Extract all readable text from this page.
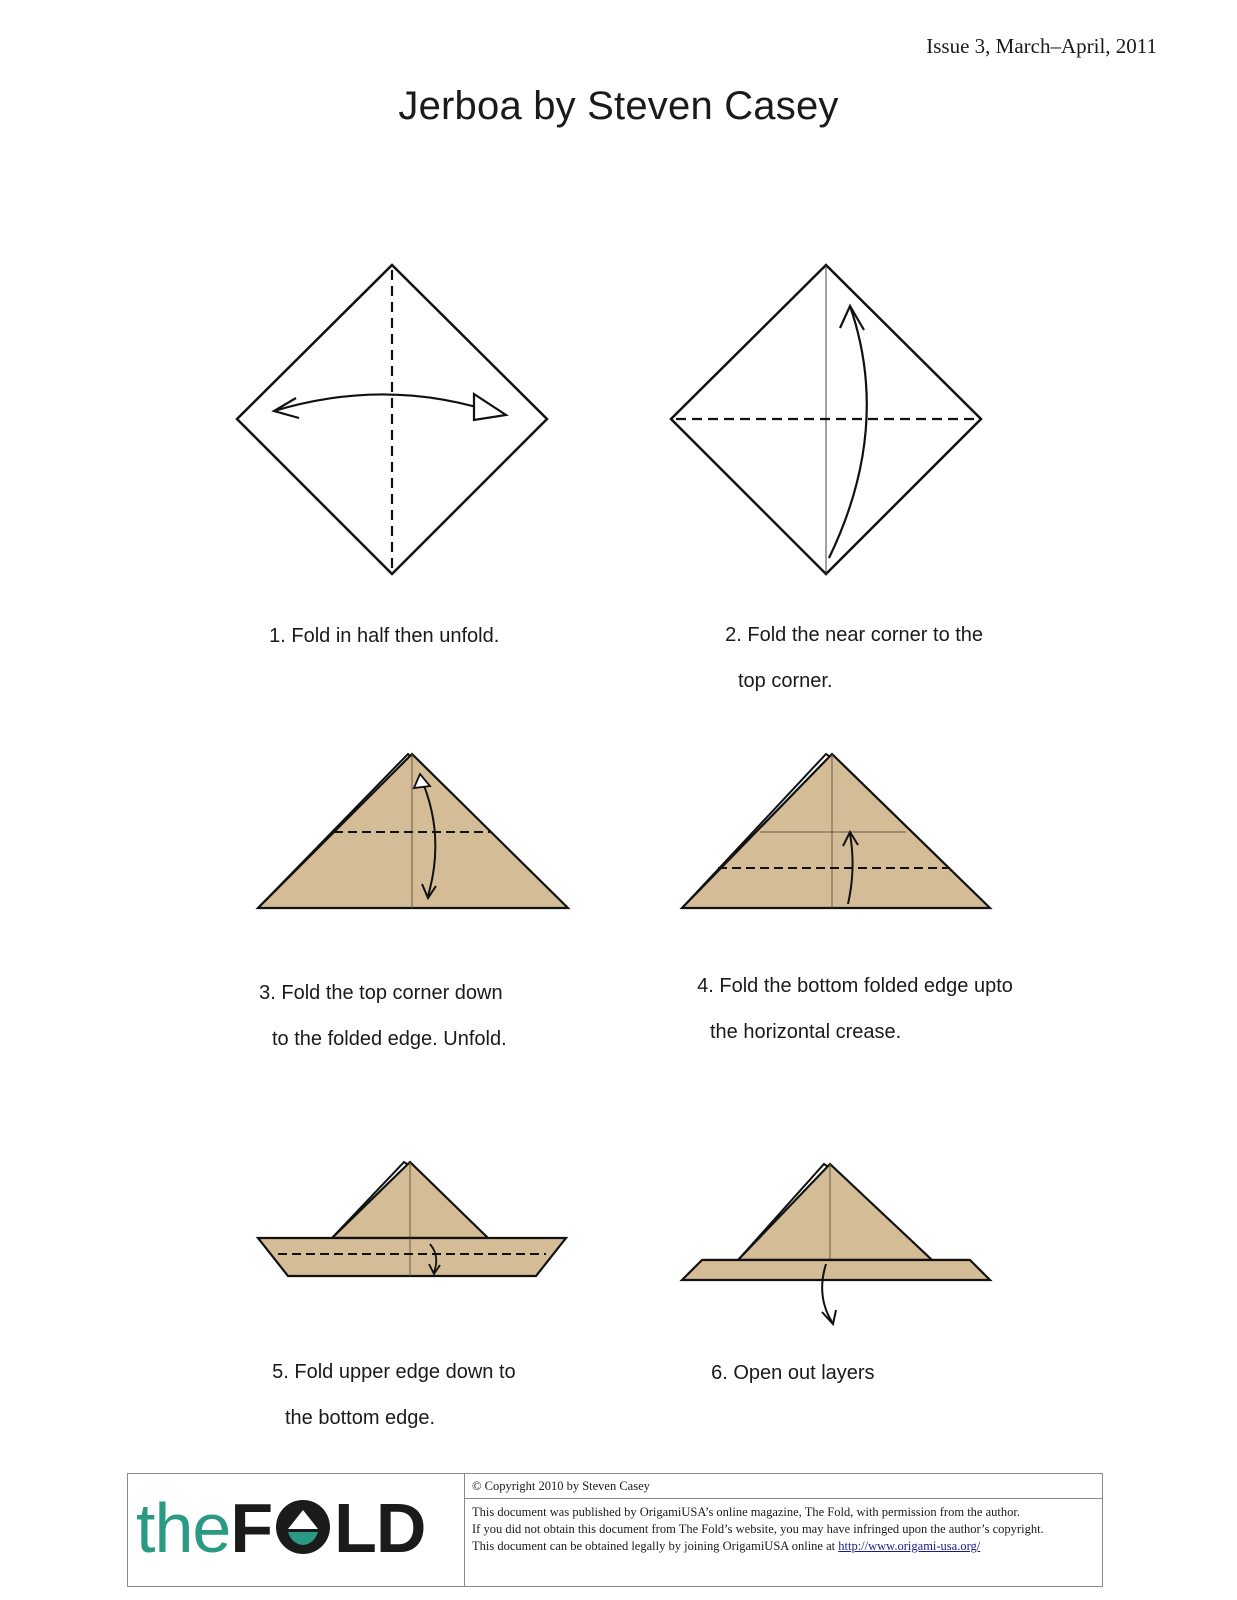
Issue 3, March–April, 2011
Jerboa by Steven Casey

1. Fold in half then unfold.	2. Fold the near corner to the

top corner.

3. Fold the top corner down

to the folded edge. Unfold.

4. Fold the bottom folded edge upto

the horizontal crease.

5. Fold upper edge down to

the bottom edge.

6. Open out layers

theF LD
© Copyright 2010 by Steven Casey
This document was published by OrigamiUSA’s online magazine, The Fold, with permission from the author.
If you did not obtain this document from The Fold’s website, you may have infringed upon the author’s copyright.
This document can be obtained legally by joining OrigamiUSA online at http://www.origami-usa.org/
